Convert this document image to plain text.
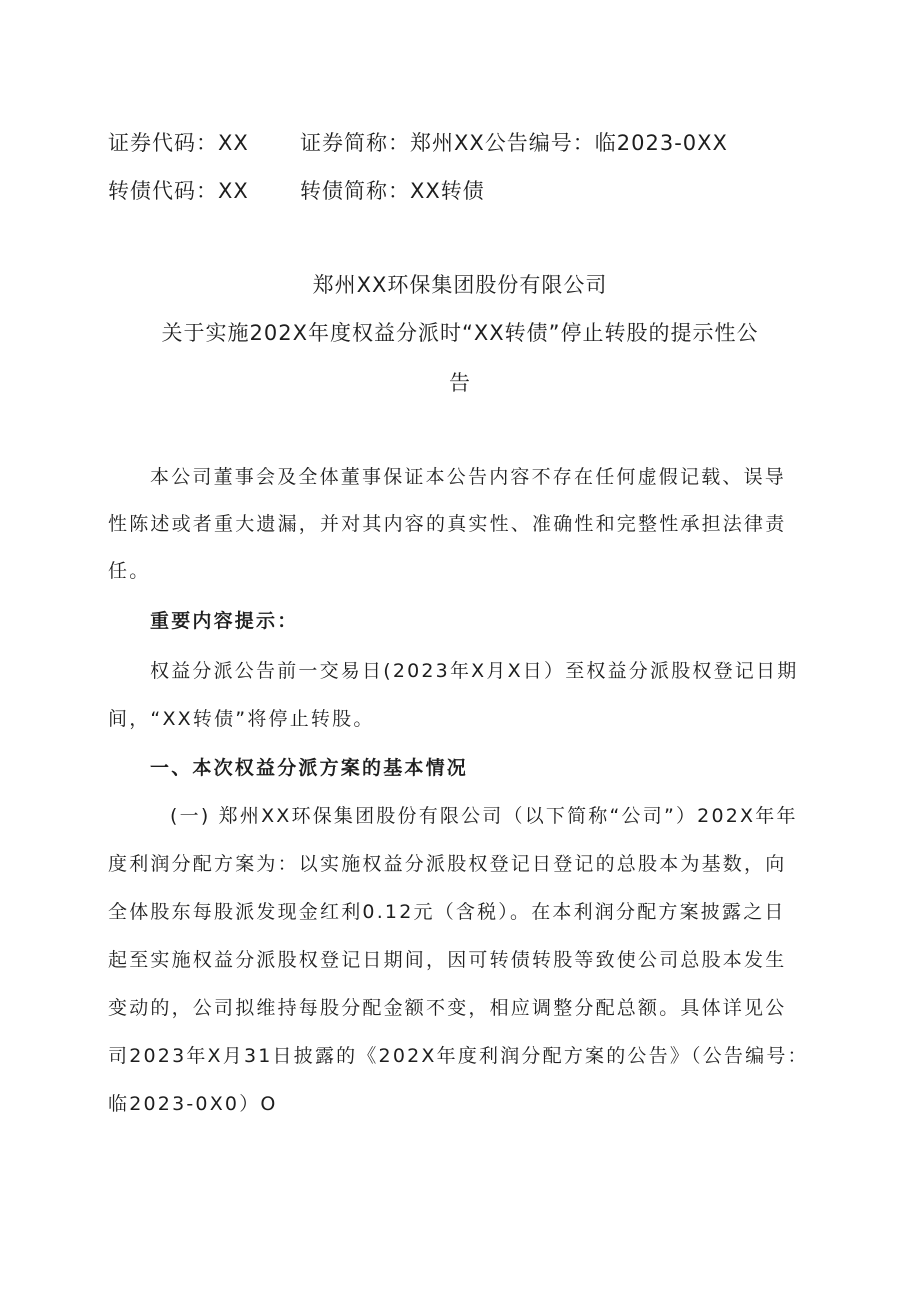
证券代码：XX 证券简称：郑州XX公告编号：临2023-0XX
转债代码：XX 转债简称：XX转债
郑州XX环保集团股份有限公司
关于实施202X年度权益分派时“XX转债”停止转股的提示性公
告
本公司董事会及全体董事保证本公告内容不存在任何虚假记载、误导
性陈述或者重大遗漏，并对其内容的真实性、准确性和完整性承担法律责
任。
重要内容提示：
权益分派公告前一交易日(2023年X月X日）至权益分派股权登记日期
间，“XX转债”将停止转股。
一、本次权益分派方案的基本情况
(一) 郑州XX环保集团股份有限公司（以下简称“公司”）202X年年
度利润分配方案为：以实施权益分派股权登记日登记的总股本为基数，向
全体股东每股派发现金红利0.12元（含税）。在本利润分配方案披露之日
起至实施权益分派股权登记日期间，因可转债转股等致使公司总股本发生
变动的，公司拟维持每股分配金额不变，相应调整分配总额。具体详见公
司2023年X月31日披露的《202X年度利润分配方案的公告》（公告编号：
临2023-0X0）O
